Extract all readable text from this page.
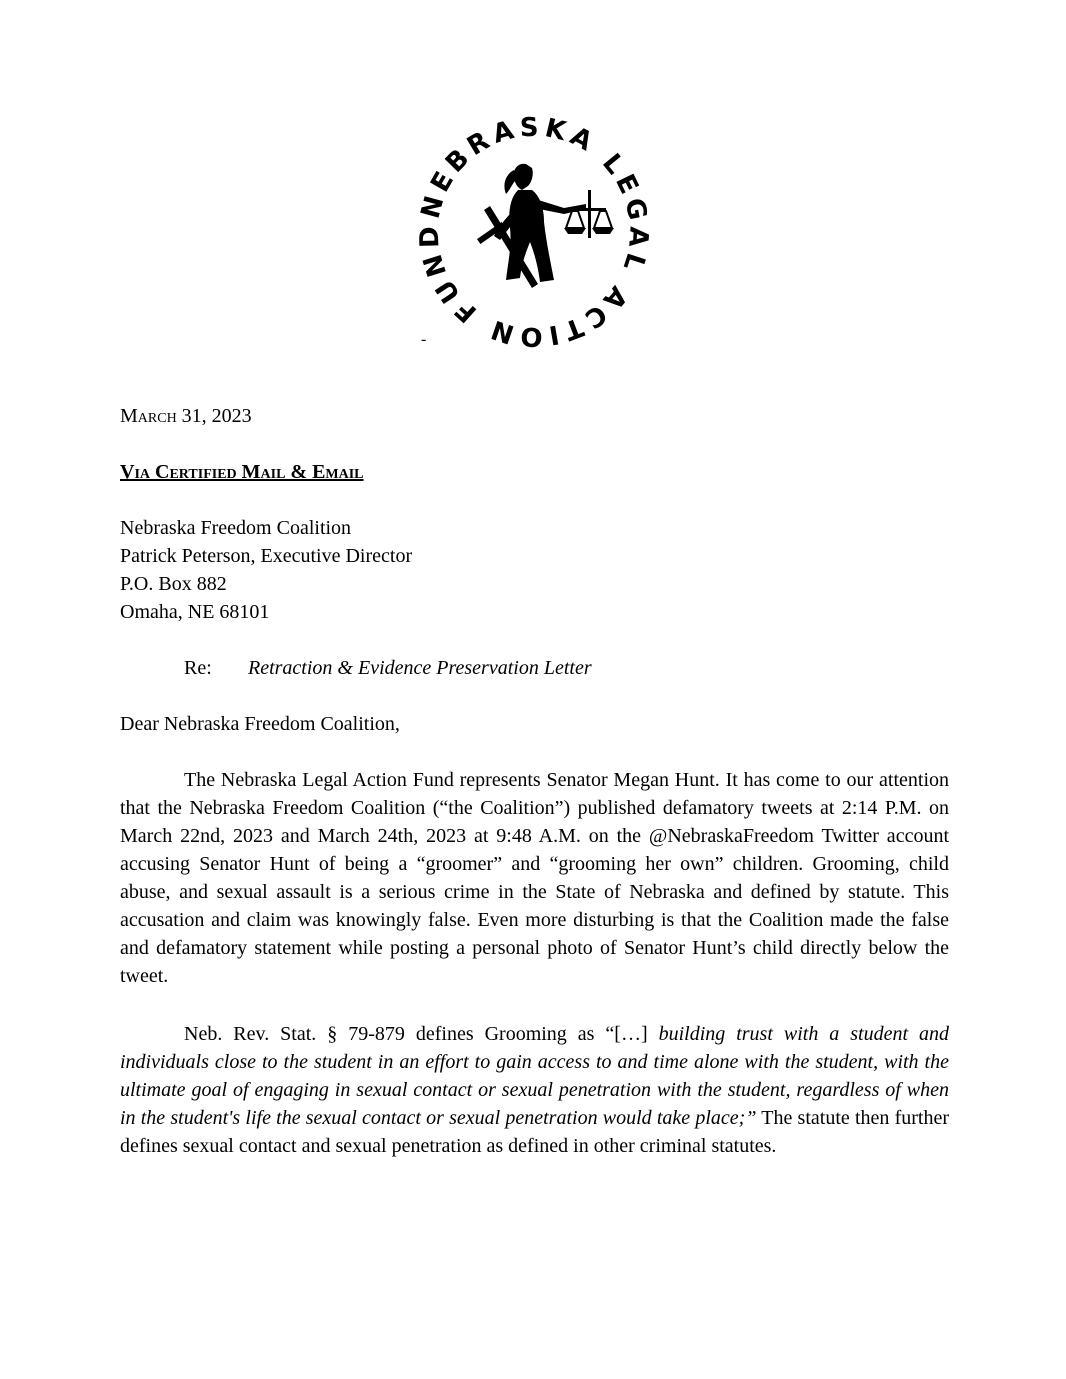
NEBRASKA LEGAL ACTION FUND
-
March 31, 2023
Via Certified Mail & Email
Nebraska Freedom Coalition
Patrick Peterson, Executive Director
P.O. Box 882
Omaha, NE 68101
Re: Retraction & Evidence Preservation Letter
Dear Nebraska Freedom Coalition,

The Nebraska Legal Action Fund represents Senator Megan Hunt. It has come to our attention that the Nebraska Freedom Coalition (“the Coalition”) published defamatory tweets at 2:14 P.M. on March 22nd, 2023 and March 24th, 2023 at 9:48 A.M. on the @NebraskaFreedom Twitter account accusing Senator Hunt of being a “groomer” and “grooming her own” children. Grooming, child abuse, and sexual assault is a serious crime in the State of Nebraska and defined by statute. This accusation and claim was knowingly false. Even more disturbing is that the Coalition made the false and defamatory statement while posting a personal photo of Senator Hunt’s child directly below the tweet.

Neb. Rev. Stat. § 79-879 defines Grooming as “[…] building trust with a student and individuals close to the student in an effort to gain access to and time alone with the student, with the ultimate goal of engaging in sexual contact or sexual penetration with the student, regardless of when in the student's life the sexual contact or sexual penetration would take place;” The statute then further defines sexual contact and sexual penetration as defined in other criminal statutes.
